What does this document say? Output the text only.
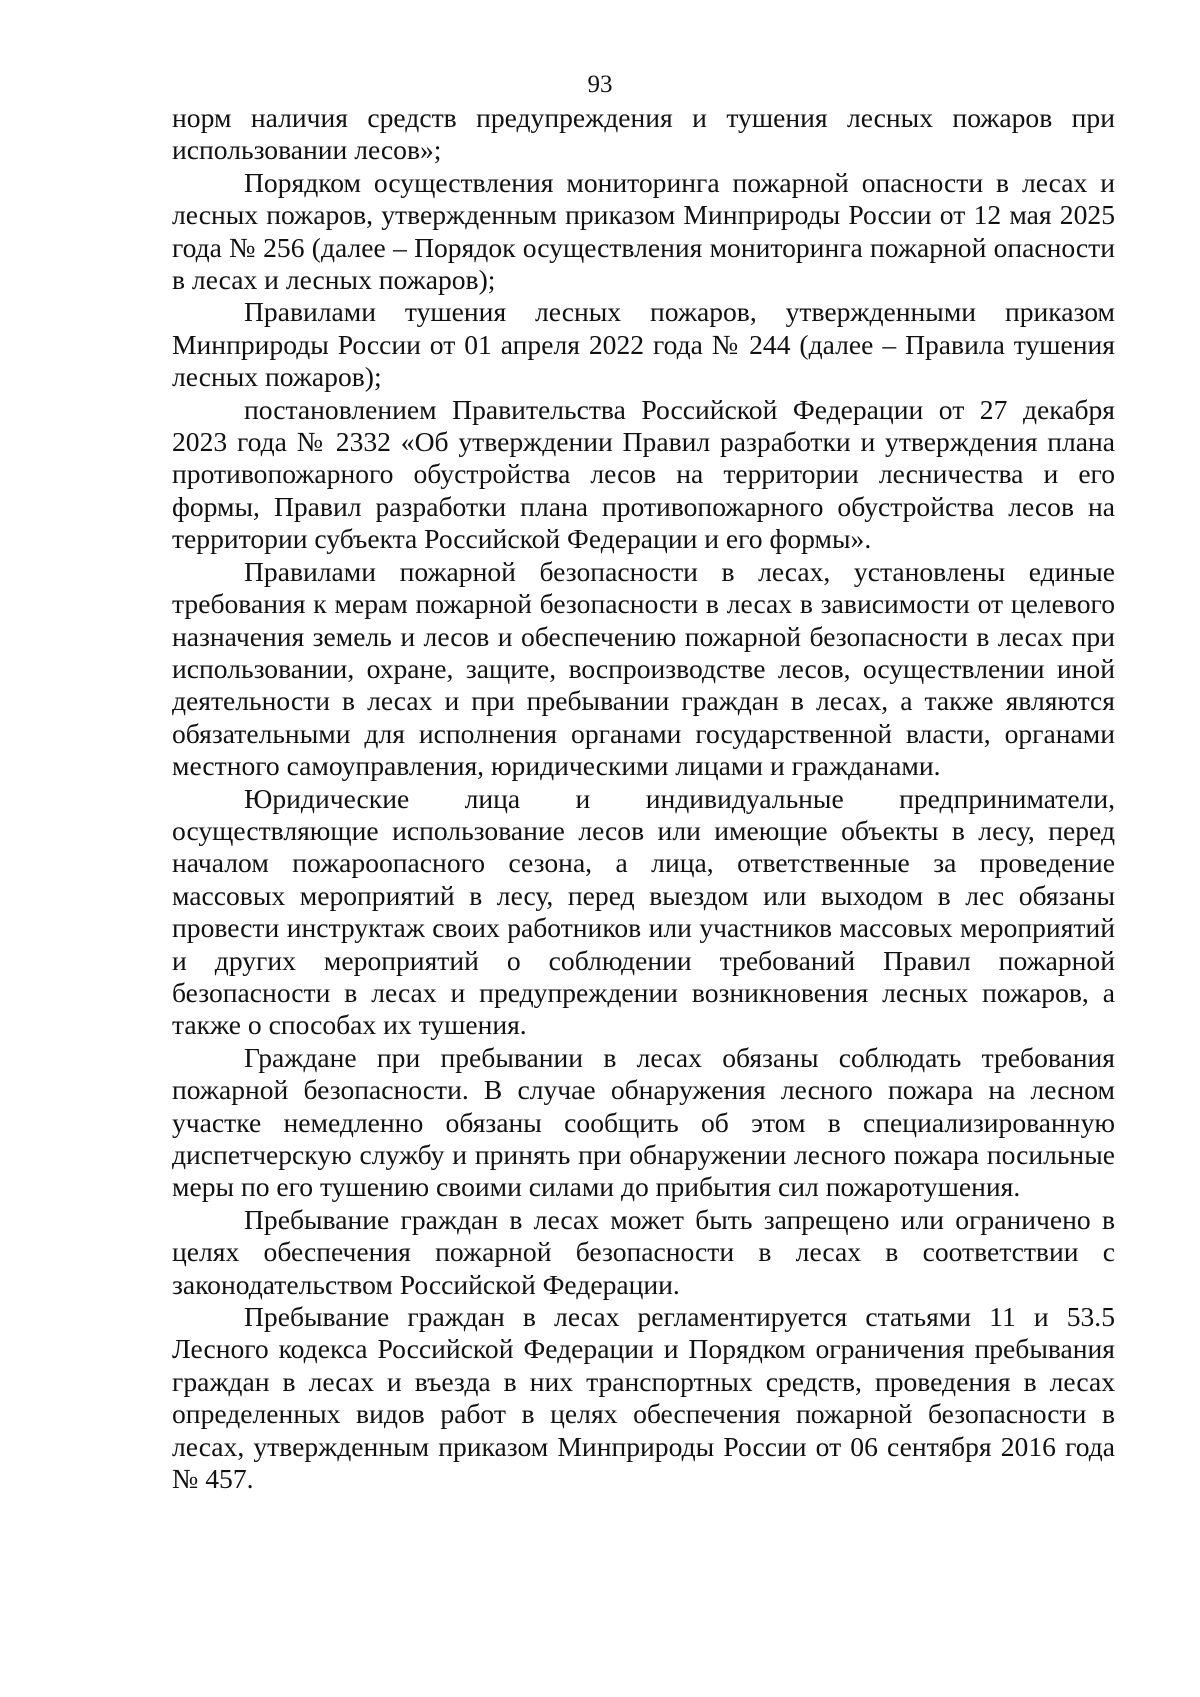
93

норм наличия средств предупреждения и тушения лесных пожаров при использовании лесов»;

Порядком осуществления мониторинга пожарной опасности в лесах и лесных пожаров, утвержденным приказом Минприроды России от 12 мая 2025 года № 256 (далее – Порядок осуществления мониторинга пожарной опасности в лесах и лесных пожаров);

Правилами тушения лесных пожаров, утвержденными приказом Минприроды России от 01 апреля 2022 года № 244 (далее – Правила тушения лесных пожаров);

постановлением Правительства Российской Федерации от 27 декабря 2023 года № 2332 «Об утверждении Правил разработки и утверждения плана противопожарного обустройства лесов на территории лесничества и его формы, Правил разработки плана противопожарного обустройства лесов на территории субъекта Российской Федерации и его формы».

Правилами пожарной безопасности в лесах, установлены единые требования к мерам пожарной безопасности в лесах в зависимости от целевого назначения земель и лесов и обеспечению пожарной безопасности в лесах при использовании, охране, защите, воспроизводстве лесов, осуществлении иной деятельности в лесах и при пребывании граждан в лесах, а также являются обязательными для исполнения органами государственной власти, органами местного самоуправления, юридическими лицами и гражданами.

Юридические лица и индивидуальные предприниматели, осуществляющие использование лесов или имеющие объекты в лесу, перед началом пожароопасного сезона, а лица, ответственные за проведение массовых мероприятий в лесу, перед выездом или выходом в лес обязаны провести инструктаж своих работников или участников массовых мероприятий и других мероприятий о соблюдении требований Правил пожарной безопасности в лесах и предупреждении возникновения лесных пожаров, а также о способах их тушения.

Граждане при пребывании в лесах обязаны соблюдать требования пожарной безопасности. В случае обнаружения лесного пожара на лесном участке немедленно обязаны сообщить об этом в специализированную диспетчерскую службу и принять при обнаружении лесного пожара посильные меры по его тушению своими силами до прибытия сил пожаротушения.

Пребывание граждан в лесах может быть запрещено или ограничено в целях обеспечения пожарной безопасности в лесах в соответствии с законодательством Российской Федерации.

Пребывание граждан в лесах регламентируется статьями 11 и 53.5 Лесного кодекса Российской Федерации и Порядком ограничения пребывания граждан в лесах и въезда в них транспортных средств, проведения в лесах определенных видов работ в целях обеспечения пожарной безопасности в лесах, утвержденным приказом Минприроды России от 06 сентября 2016 года № 457.
